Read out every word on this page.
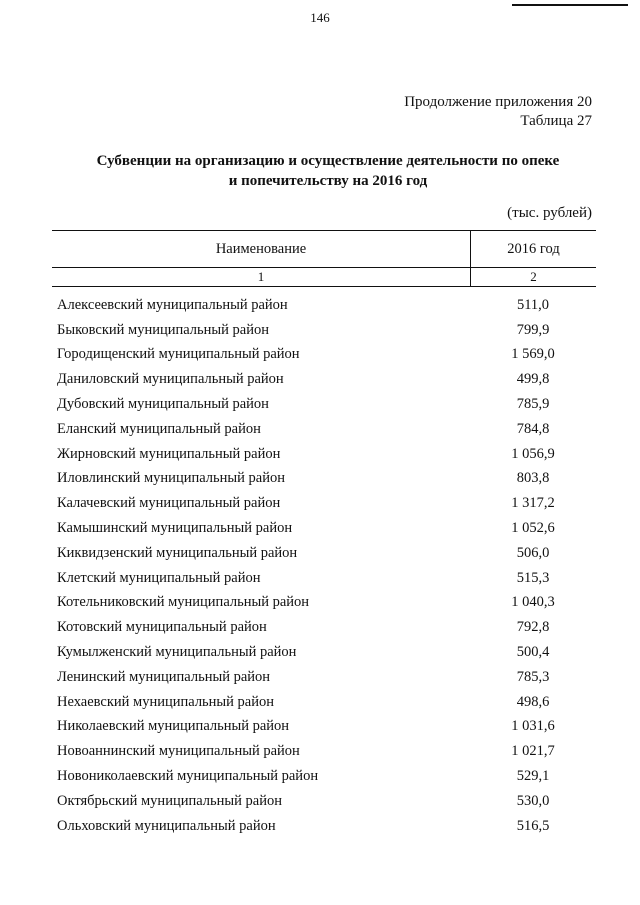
146
Продолжение приложения 20
Таблица 27
Субвенции на организацию и осуществление деятельности по опеке
и попечительству на 2016 год
(тыс. рублей)
Наименование	2016 год
1	2
Алексеевский муниципальный район	511,0
Быковский муниципальный район	799,9
Городищенский муниципальный район	1 569,0
Даниловский муниципальный район	499,8
Дубовский муниципальный район	785,9
Еланский муниципальный район	784,8
Жирновский муниципальный район	1 056,9
Иловлинский муниципальный район	803,8
Калачевский муниципальный район	1 317,2
Камышинский муниципальный район	1 052,6
Киквидзенский муниципальный район	506,0
Клетский муниципальный район	515,3
Котельниковский муниципальный район	1 040,3
Котовский муниципальный район	792,8
Кумылженский муниципальный район	500,4
Ленинский муниципальный район	785,3
Нехаевский муниципальный район	498,6
Николаевский муниципальный район	1 031,6
Новоаннинский муниципальный район	1 021,7
Новониколаевский муниципальный район	529,1
Октябрьский муниципальный район	530,0
Ольховский муниципальный район	516,5
